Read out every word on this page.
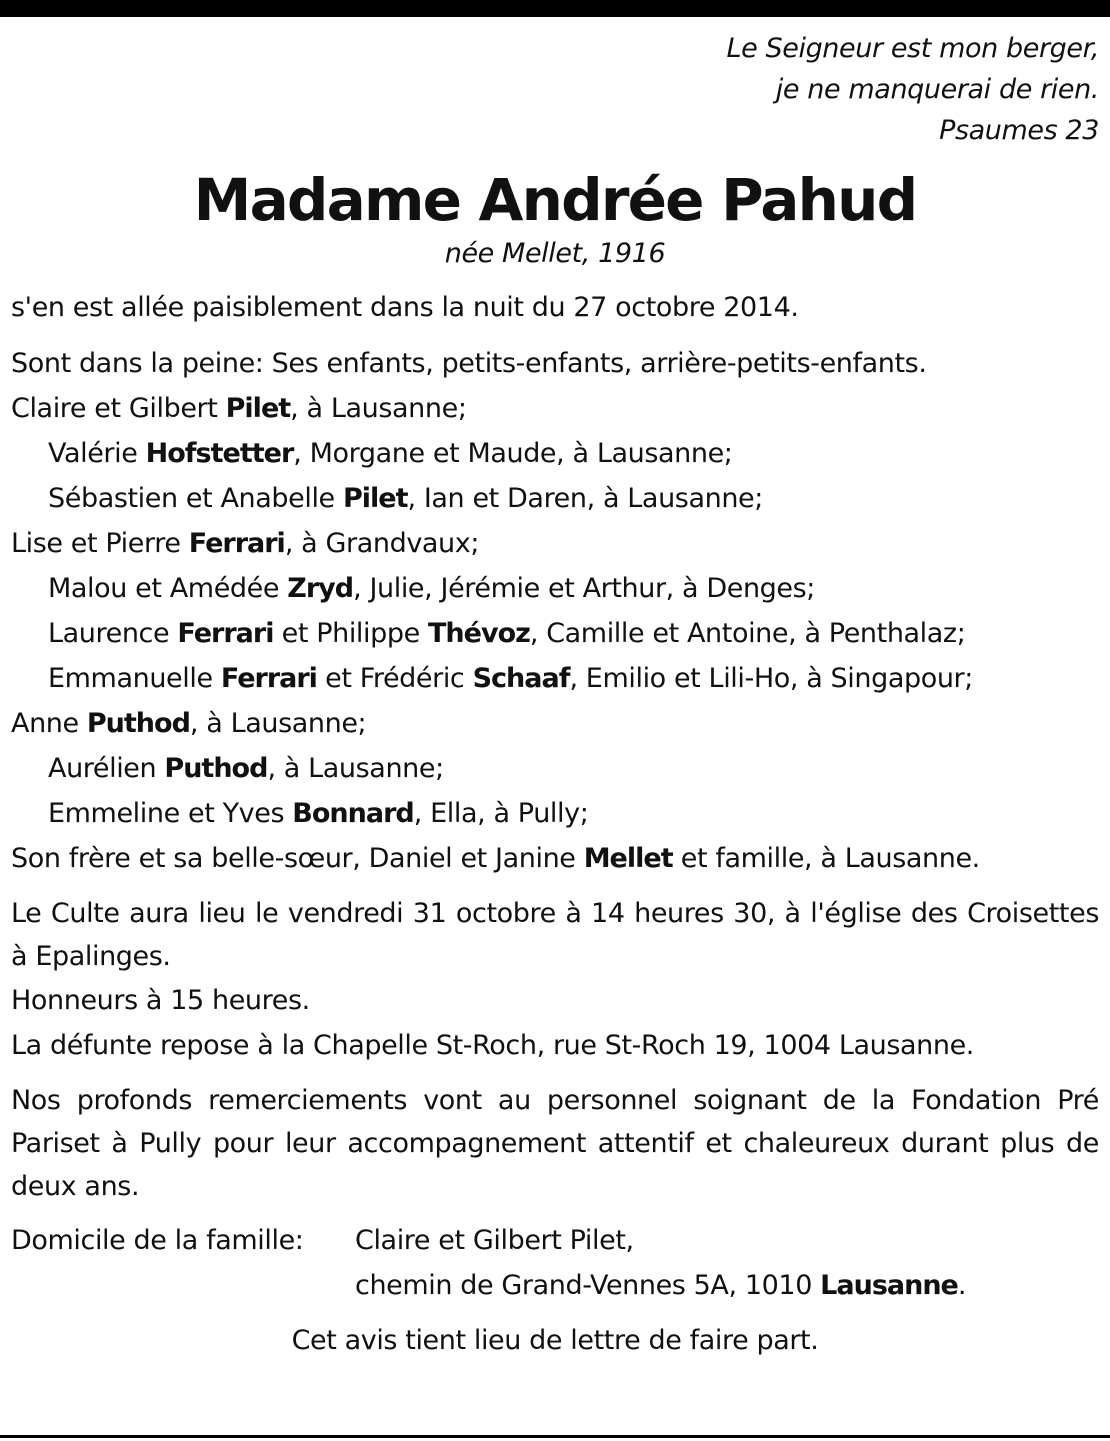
Le Seigneur est mon berger,
je ne manquerai de rien.
Psaumes 23
Madame Andrée Pahud
née Mellet, 1916
s'en est allée paisiblement dans la nuit du 27 octobre 2014.
Sont dans la peine: Ses enfants, petits-enfants, arrière-petits-enfants.
Claire et Gilbert Pilet, à Lausanne;
Valérie Hofstetter, Morgane et Maude, à Lausanne;
Sébastien et Anabelle Pilet, Ian et Daren, à Lausanne;
Lise et Pierre Ferrari, à Grandvaux;
Malou et Amédée Zryd, Julie, Jérémie et Arthur, à Denges;
Laurence Ferrari et Philippe Thévoz, Camille et Antoine, à Penthalaz;
Emmanuelle Ferrari et Frédéric Schaaf, Emilio et Lili-Ho, à Singapour;
Anne Puthod, à Lausanne;
Aurélien Puthod, à Lausanne;
Emmeline et Yves Bonnard, Ella, à Pully;
Son frère et sa belle-sœur, Daniel et Janine Mellet et famille, à Lausanne.
Le Culte aura lieu le vendredi 31 octobre à 14 heures 30, à l'église des Croisettes à Epalinges.
Honneurs à 15 heures.
La défunte repose à la Chapelle St-Roch, rue St-Roch 19, 1004 Lausanne.
Nos profonds remerciements vont au personnel soignant de la Fondation Pré Pariset à Pully pour leur accompagnement attentif et chaleureux durant plus de deux ans.
Domicile de la famille:	Claire et Gilbert Pilet,
chemin de Grand-Vennes 5A, 1010 Lausanne.
Cet avis tient lieu de lettre de faire part.
